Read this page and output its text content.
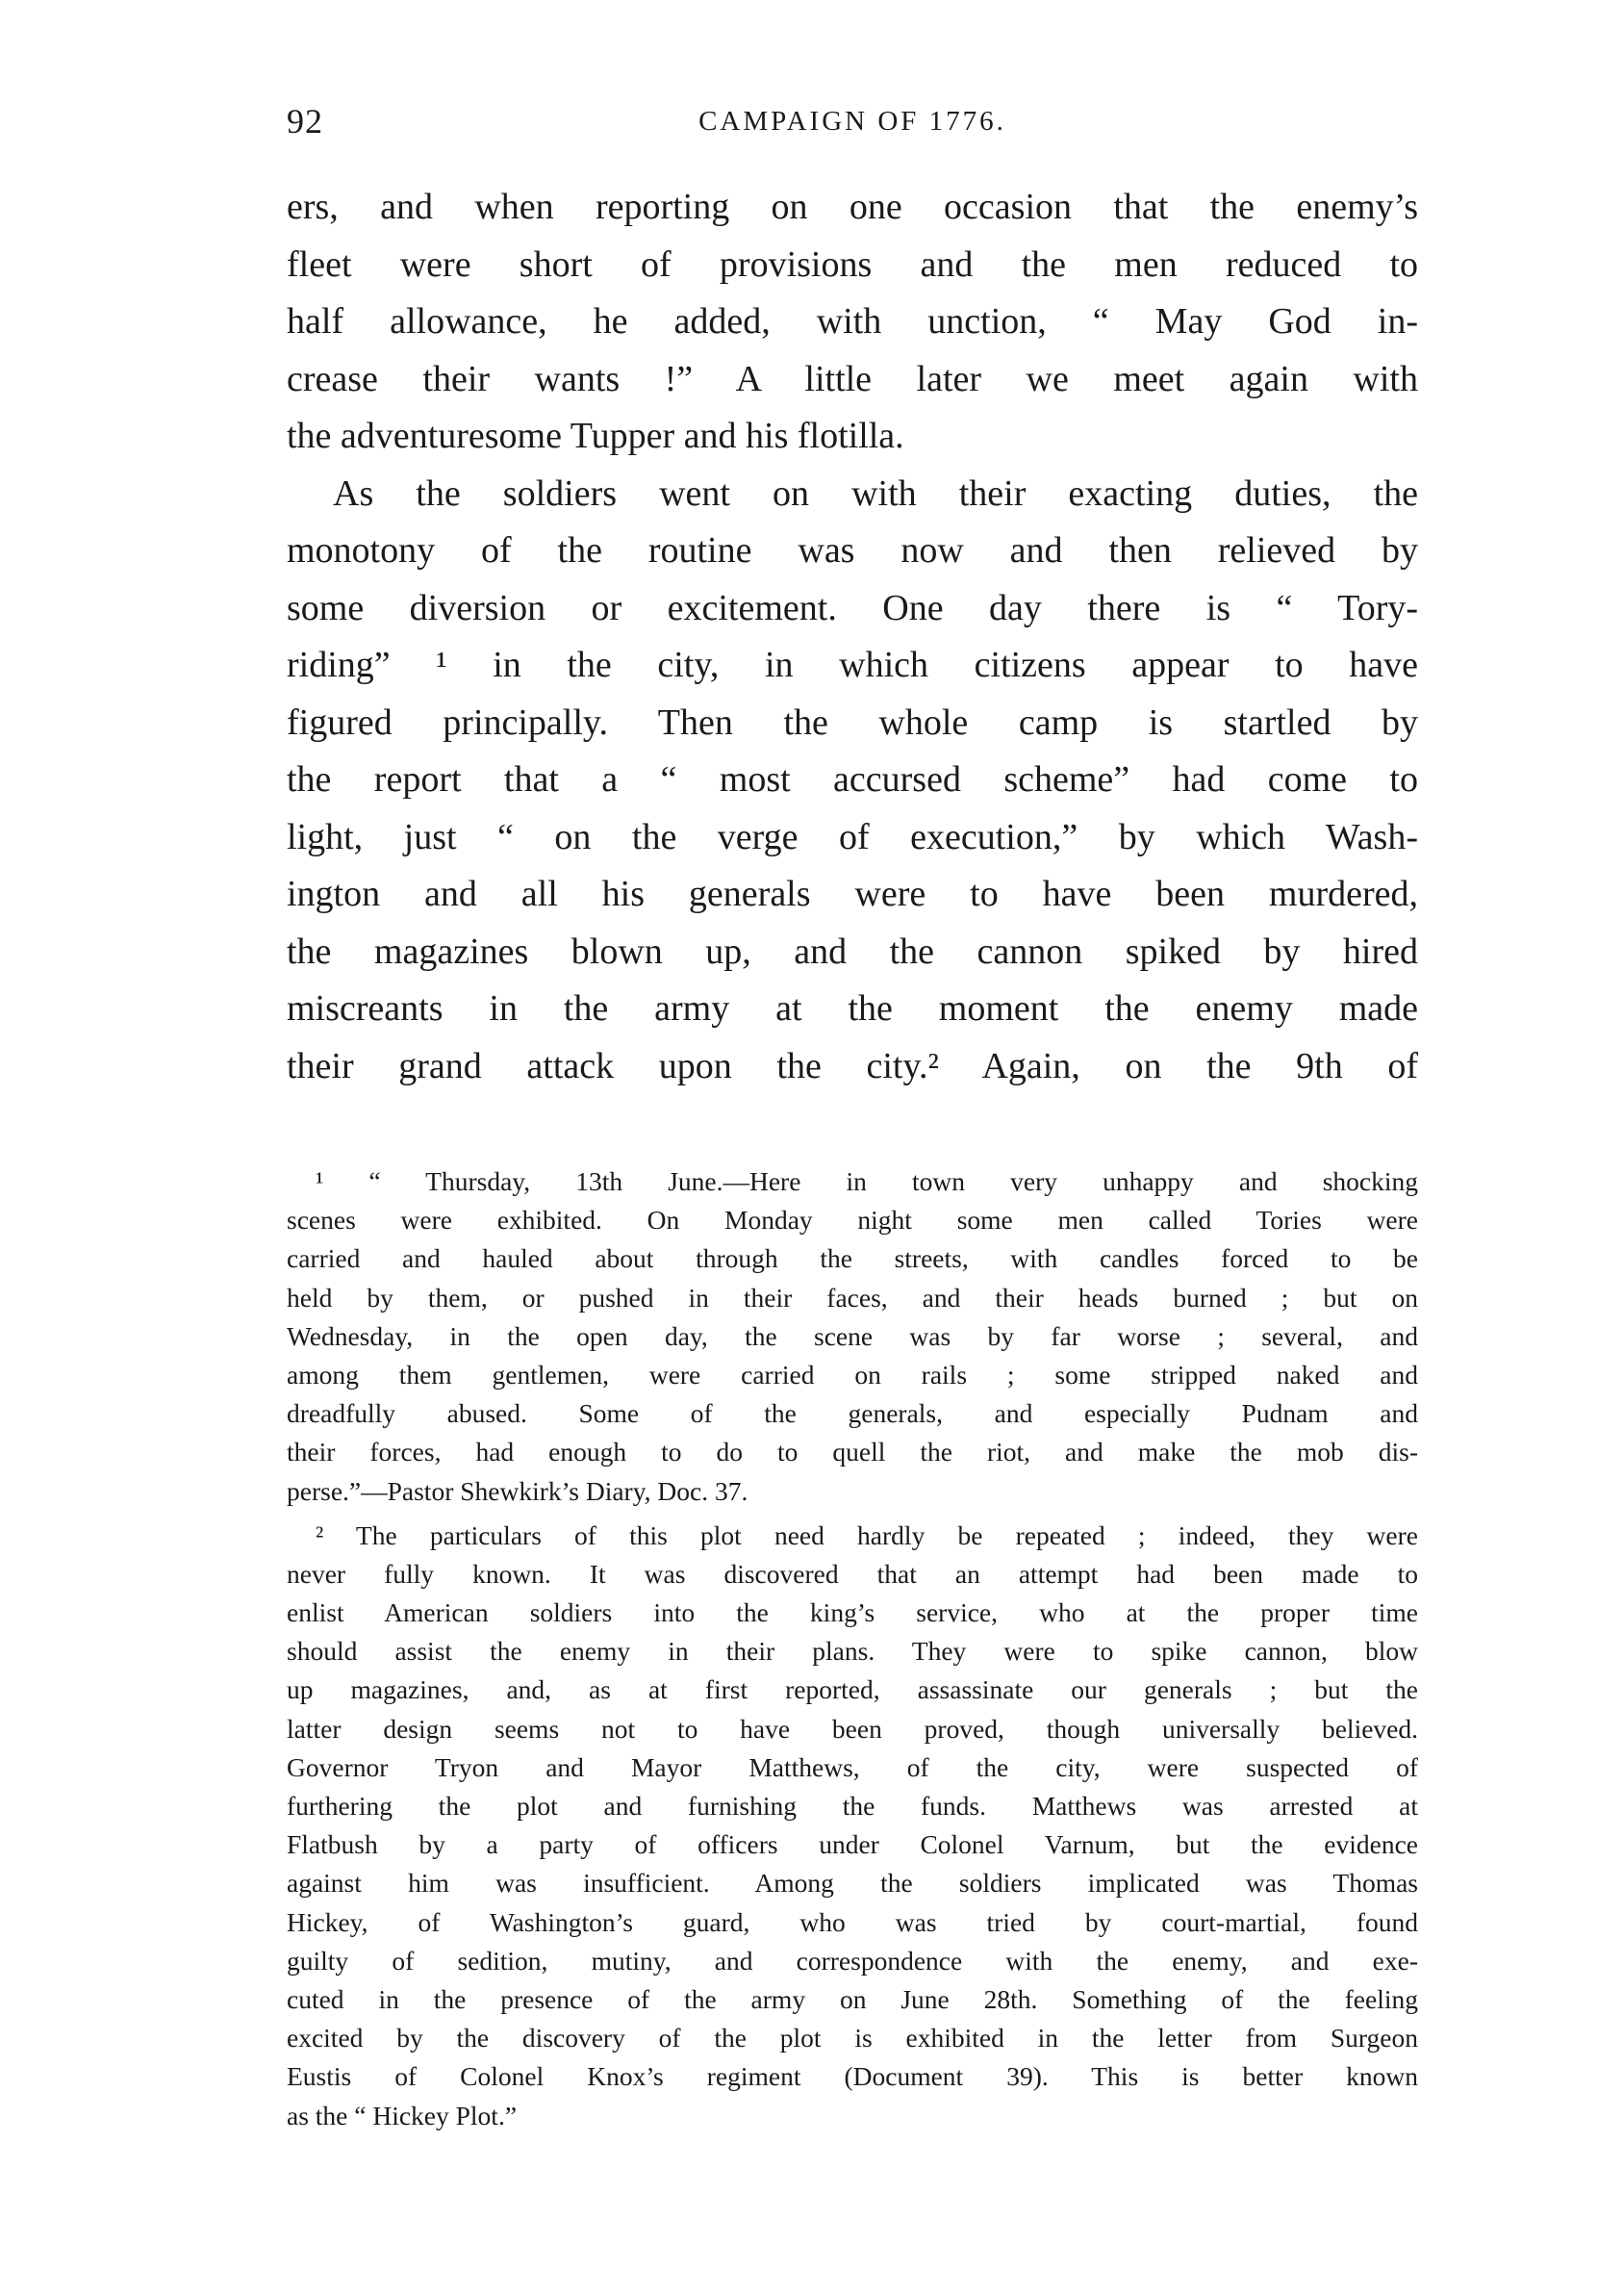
92	CAMPAIGN OF 1776.
ers, and when reporting on one occasion that the enemy’s
fleet were short of provisions and the men reduced to
half allowance, he added, with unction, “ May God in-
crease their wants !” A little later we meet again with
the adventuresome Tupper and his flotilla.
As the soldiers went on with their exacting duties, the
monotony of the routine was now and then relieved by
some diversion or excitement. One day there is “ Tory-
riding” ¹ in the city, in which citizens appear to have
figured principally. Then the whole camp is startled by
the report that a “ most accursed scheme” had come to
light, just “ on the verge of execution,” by which Wash-
ington and all his generals were to have been murdered,
the magazines blown up, and the cannon spiked by hired
miscreants in the army at the moment the enemy made
their grand attack upon the city.² Again, on the 9th of
¹ “ Thursday, 13th June.—Here in town very unhappy and shocking
scenes were exhibited. On Monday night some men called Tories were
carried and hauled about through the streets, with candles forced to be
held by them, or pushed in their faces, and their heads burned ; but on
Wednesday, in the open day, the scene was by far worse ; several, and
among them gentlemen, were carried on rails ; some stripped naked and
dreadfully abused. Some of the generals, and especially Pudnam and
their forces, had enough to do to quell the riot, and make the mob dis-
perse.”—Pastor Shewkirk’s Diary, Doc. 37.
² The particulars of this plot need hardly be repeated ; indeed, they were
never fully known. It was discovered that an attempt had been made to
enlist American soldiers into the king’s service, who at the proper time
should assist the enemy in their plans. They were to spike cannon, blow
up magazines, and, as at first reported, assassinate our generals ; but the
latter design seems not to have been proved, though universally believed.
Governor Tryon and Mayor Matthews, of the city, were suspected of
furthering the plot and furnishing the funds. Matthews was arrested at
Flatbush by a party of officers under Colonel Varnum, but the evidence
against him was insufficient. Among the soldiers implicated was Thomas
Hickey, of Washington’s guard, who was tried by court-martial, found
guilty of sedition, mutiny, and correspondence with the enemy, and exe-
cuted in the presence of the army on June 28th. Something of the feeling
excited by the discovery of the plot is exhibited in the letter from Surgeon
Eustis of Colonel Knox’s regiment (Document 39). This is better known
as the “ Hickey Plot.”
